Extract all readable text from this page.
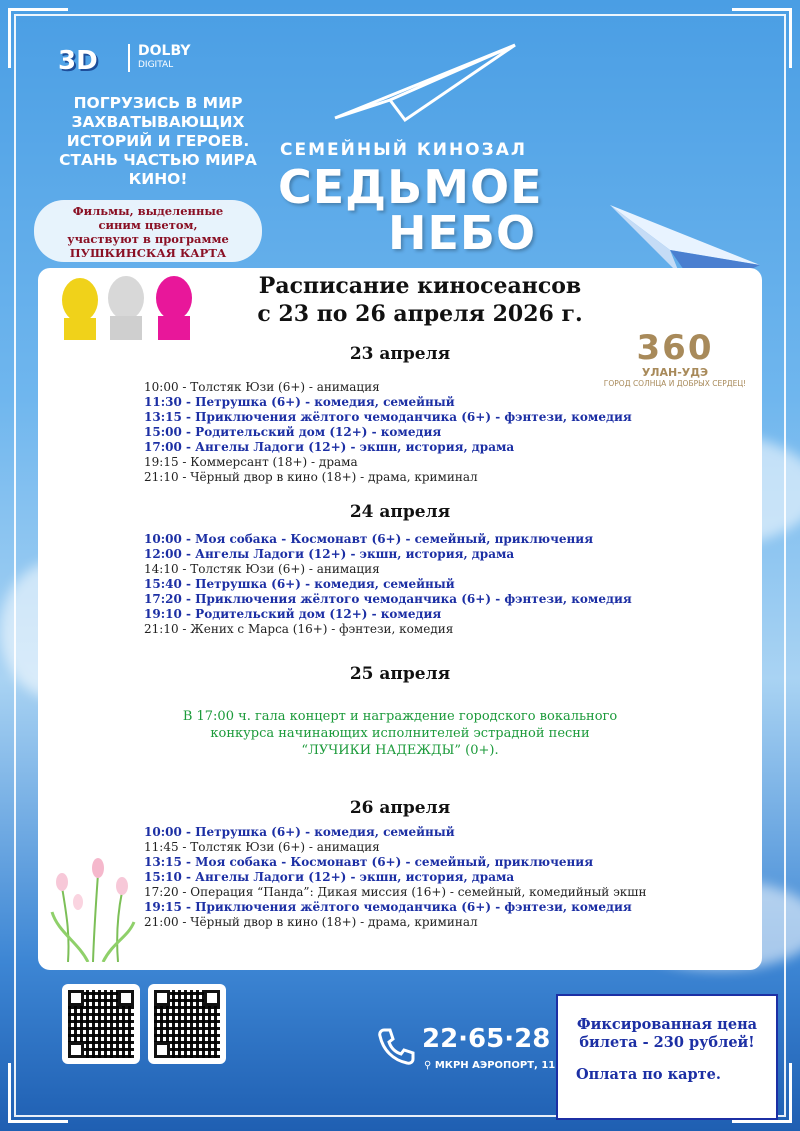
3D	DOLBY
DIGITAL
ПОГРУЗИСЬ В МИР ЗАХВАТЫВАЮЩИХ ИСТОРИЙ И ГЕРОЕВ. СТАНЬ ЧАСТЬЮ МИРА КИНО!
Фильмы, выделенные
синим цветом,
участвуют в программе
ПУШКИНСКАЯ КАРТА
СЕМЕЙНЫЙ КИНОЗАЛ
СЕДЬМОЕ
НЕБО
Расписание киносеансов
с 23 по 26 апреля 2026 г.
360
УЛАН-УДЭ
ГОРОД СОЛНЦА И ДОБРЫХ СЕРДЕЦ!
23 апреля
10:00 - Толстяк Юзи (6+) - анимация
11:30 - Петрушка (6+) - комедия, семейный
13:15 - Приключения жёлтого чемоданчика (6+) - фэнтези, комедия
15:00 - Родительский дом (12+) - комедия
17:00 - Ангелы Ладоги (12+) - экшн, история, драма
19:15 - Коммерсант (18+) - драма
21:10 - Чёрный двор в кино (18+) - драма, криминал
24 апреля
10:00 - Моя собака - Космонавт (6+) - семейный, приключения
12:00 - Ангелы Ладоги (12+) - экшн, история, драма
14:10 - Толстяк Юзи (6+) - анимация
15:40 - Петрушка (6+) - комедия, семейный
17:20 - Приключения жёлтого чемоданчика (6+) - фэнтези, комедия
19:10 - Родительский дом (12+) - комедия
21:10 - Жених с Марса (16+) - фэнтези, комедия
25 апреля
В 17:00 ч. гала концерт и награждение городского вокального
конкурса начинающих исполнителей эстрадной песни
“ЛУЧИКИ НАДЕЖДЫ” (0+).
26 апреля
10:00 - Петрушка (6+) - комедия, семейный
11:45 - Толстяк Юзи (6+) - анимация
13:15 - Моя собака - Космонавт (6+) - семейный, приключения
15:10 - Ангелы Ладоги (12+) - экшн, история, драма
17:20 - Операция “Панда”: Дикая миссия (16+) - семейный, комедийный экшн
19:15 - Приключения жёлтого чемоданчика (6+) - фэнтези, комедия
21:00 - Чёрный двор в кино (18+) - драма, криминал
22·65·28
⚲ МКРН АЭРОПОРТ, 11
Фиксированная цена
билета - 230 рублей!
Оплата по карте.
